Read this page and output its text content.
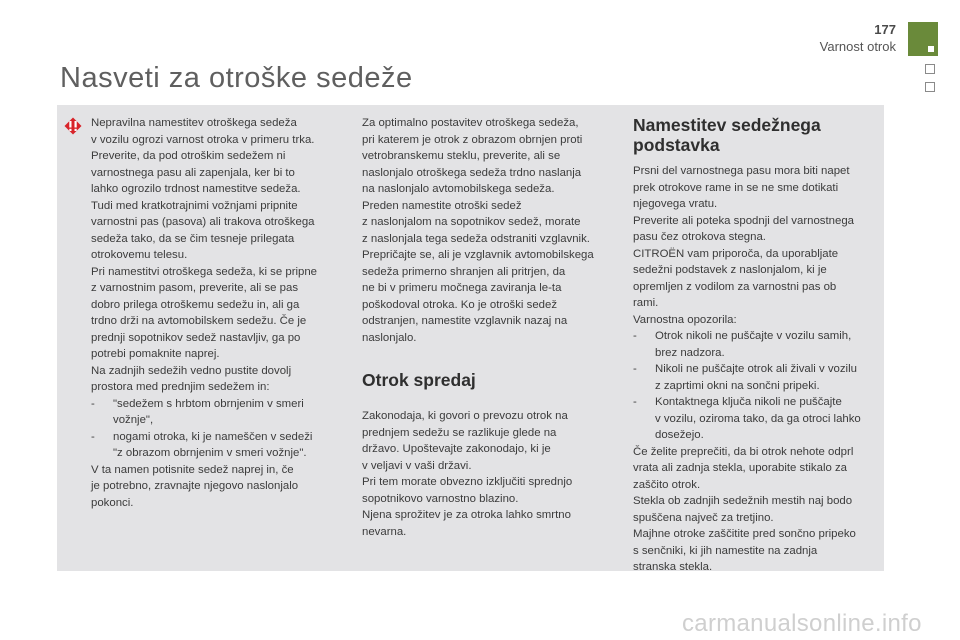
177
Varnost otrok
Nasveti za otroške sedeže

Nepravilna namestitev otroškega sedeža

v vozilu ogrozi varnost otroka v primeru trka.

Preverite, da pod otroškim sedežem ni

varnostnega pasu ali zapenjala, ker bi to

lahko ogrozilo trdnost namestitve sedeža.

Tudi med kratkotrajnimi vožnjami pripnite

varnostni pas (pasova) ali trakova otroškega

sedeža tako, da se čim tesneje prilegata

otrokovemu telesu.

Pri namestitvi otroškega sedeža, ki se pripne

z varnostnim pasom, preverite, ali se pas

dobro prilega otroškemu sedežu in, ali ga

trdno drži na avtomobilskem sedežu. Če je

prednji sopotnikov sedež nastavljiv, ga po

potrebi pomaknite naprej.

Na zadnjih sedežih vedno pustite dovolj

prostora med prednjim sedežem in:

-	"sedežem s hrbtom obrnjenim v smeri

vožnje",

-	nogami otroka, ki je nameščen v sedeži

"z obrazom obrnjenim v smeri vožnje".

V ta namen potisnite sedež naprej in, če

je potrebno, zravnajte njegovo naslonjalo

pokonci.

Za optimalno postavitev otroškega sedeža,

pri katerem je otrok z obrazom obrnjen proti

vetrobranskemu steklu, preverite, ali se

naslonjalo otroškega sedeža trdno naslanja

na naslonjalo avtomobilskega sedeža.

Preden namestite otroški sedež

z naslonjalom na sopotnikov sedež, morate

z naslonjala tega sedeža odstraniti vzglavnik.

Prepričajte se, ali je vzglavnik avtomobilskega

sedeža primerno shranjen ali pritrjen, da

ne bi v primeru močnega zaviranja le-ta

poškodoval otroka. Ko je otroški sedež

odstranjen, namestite vzglavnik nazaj na

naslonjalo.

Otrok spredaj

Zakonodaja, ki govori o prevozu otrok na

prednjem sedežu se razlikuje glede na

državo. Upoštevajte zakonodajo, ki je

v veljavi v vaši državi.

Pri tem morate obvezno izključiti sprednjo

sopotnikovo varnostno blazino.

Njena sprožitev je za otroka lahko smrtno

nevarna.

Namestitev sedežnega
podstavka

Prsni del varnostnega pasu mora biti napet

prek otrokove rame in se ne sme dotikati

njegovega vratu.

Preverite ali poteka spodnji del varnostnega

pasu čez otrokova stegna.

CITROËN vam priporoča, da uporabljate

sedežni podstavek z naslonjalom, ki je

opremljen z vodilom za varnostni pas ob

rami.

Varnostna opozorila:

-	Otrok nikoli ne puščajte v vozilu samih,

brez nadzora.

-	Nikoli ne puščajte otrok ali živali v vozilu

z zaprtimi okni na sončni pripeki.

-	Kontaktnega ključa nikoli ne puščajte

v vozilu, oziroma tako, da ga otroci lahko

dosežejo.

Če želite preprečiti, da bi otrok nehote odprl

vrata ali zadnja stekla, uporabite stikalo za

zaščito otrok.

Stekla ob zadnjih sedežnih mestih naj bodo

spuščena največ za tretjino.

Majhne otroke zaščitite pred sončno pripeko

s senčniki, ki jih namestite na zadnja

stranska stekla.

carmanualsonline.info
